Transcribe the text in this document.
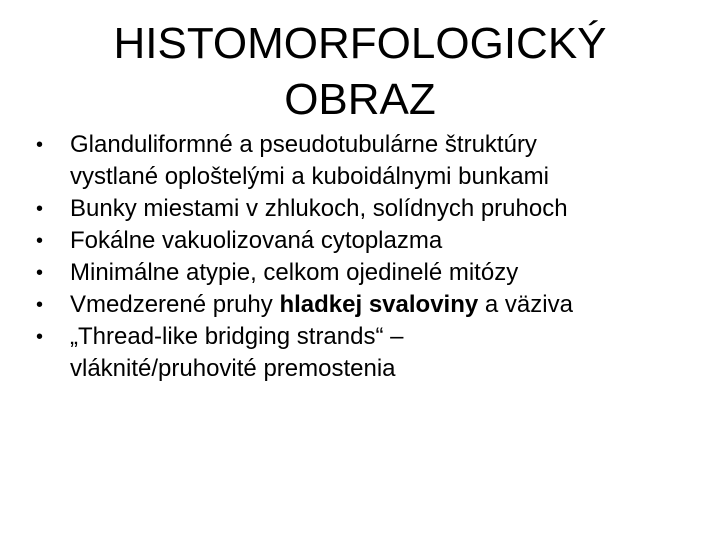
HISTOMORFOLOGICKÝ
OBRAZ
•	Glanduliformné a pseudotubulárne štruktúry
vystlané oploštelými a kuboidálnymi bunkami
•	Bunky miestami v zhlukoch, solídnych pruhoch
•	Fokálne vakuolizovaná cytoplazma
•	Minimálne atypie, celkom ojedinelé mitózy
•	Vmedzerené pruhy hladkej svaloviny a väziva
•	„Thread-like bridging strands“ –
vláknité/pruhovité premostenia
